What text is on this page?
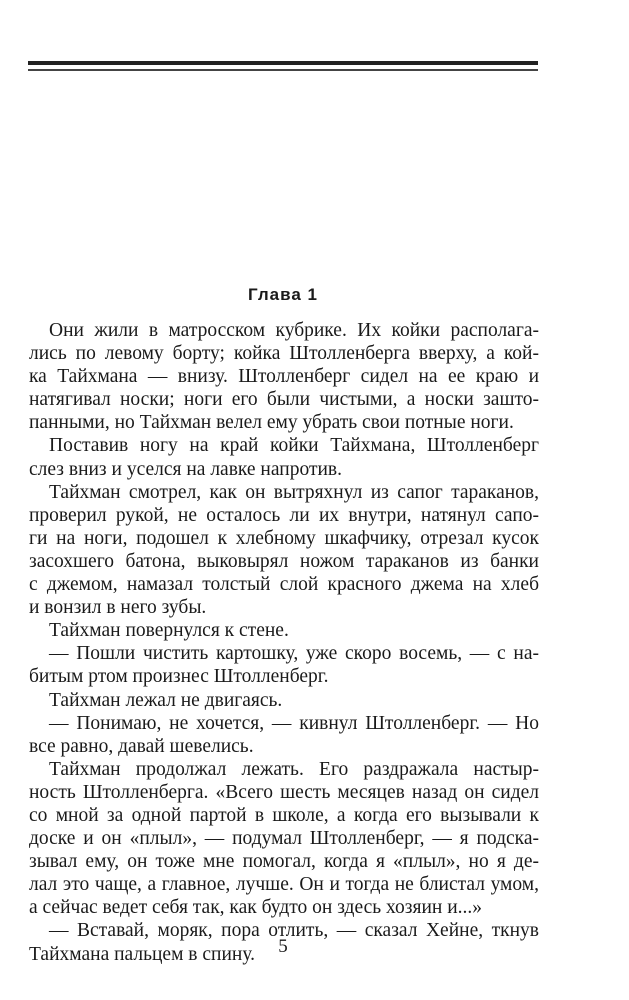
Глава 1
Они жили в матросском кубрике. Их койки располага-
лись по левому борту; койка Штолленберга вверху, а кой-
ка Тайхмана — внизу. Штолленберг сидел на ее краю и
натягивал носки; ноги его были чистыми, а носки зашто-
панными, но Тайхман велел ему убрать свои потные ноги.
Поставив ногу на край койки Тайхмана, Штолленберг
слез вниз и уселся на лавке напротив.
Тайхман смотрел, как он вытряхнул из сапог тараканов,
проверил рукой, не осталось ли их внутри, натянул сапо-
ги на ноги, подошел к хлебному шкафчику, отрезал кусок
засохшего батона, выковырял ножом тараканов из банки
с джемом, намазал толстый слой красного джема на хлеб
и вонзил в него зубы.
Тайхман повернулся к стене.
— Пошли чистить картошку, уже скоро восемь, — с на-
битым ртом произнес Штолленберг.
Тайхман лежал не двигаясь.
— Понимаю, не хочется, — кивнул Штолленберг. — Но
все равно, давай шевелись.
Тайхман продолжал лежать. Его раздражала настыр-
ность Штолленберга. «Всего шесть месяцев назад он сидел
со мной за одной партой в школе, а когда его вызывали к
доске и он «плыл», — подумал Штолленберг, — я подска-
зывал ему, он тоже мне помогал, когда я «плыл», но я де-
лал это чаще, а главное, лучше. Он и тогда не блистал умом,
а сейчас ведет себя так, как будто он здесь хозяин и...»
— Вставай, моряк, пора отлить, — сказал Хейне, ткнув
Тайхмана пальцем в спину.	5
